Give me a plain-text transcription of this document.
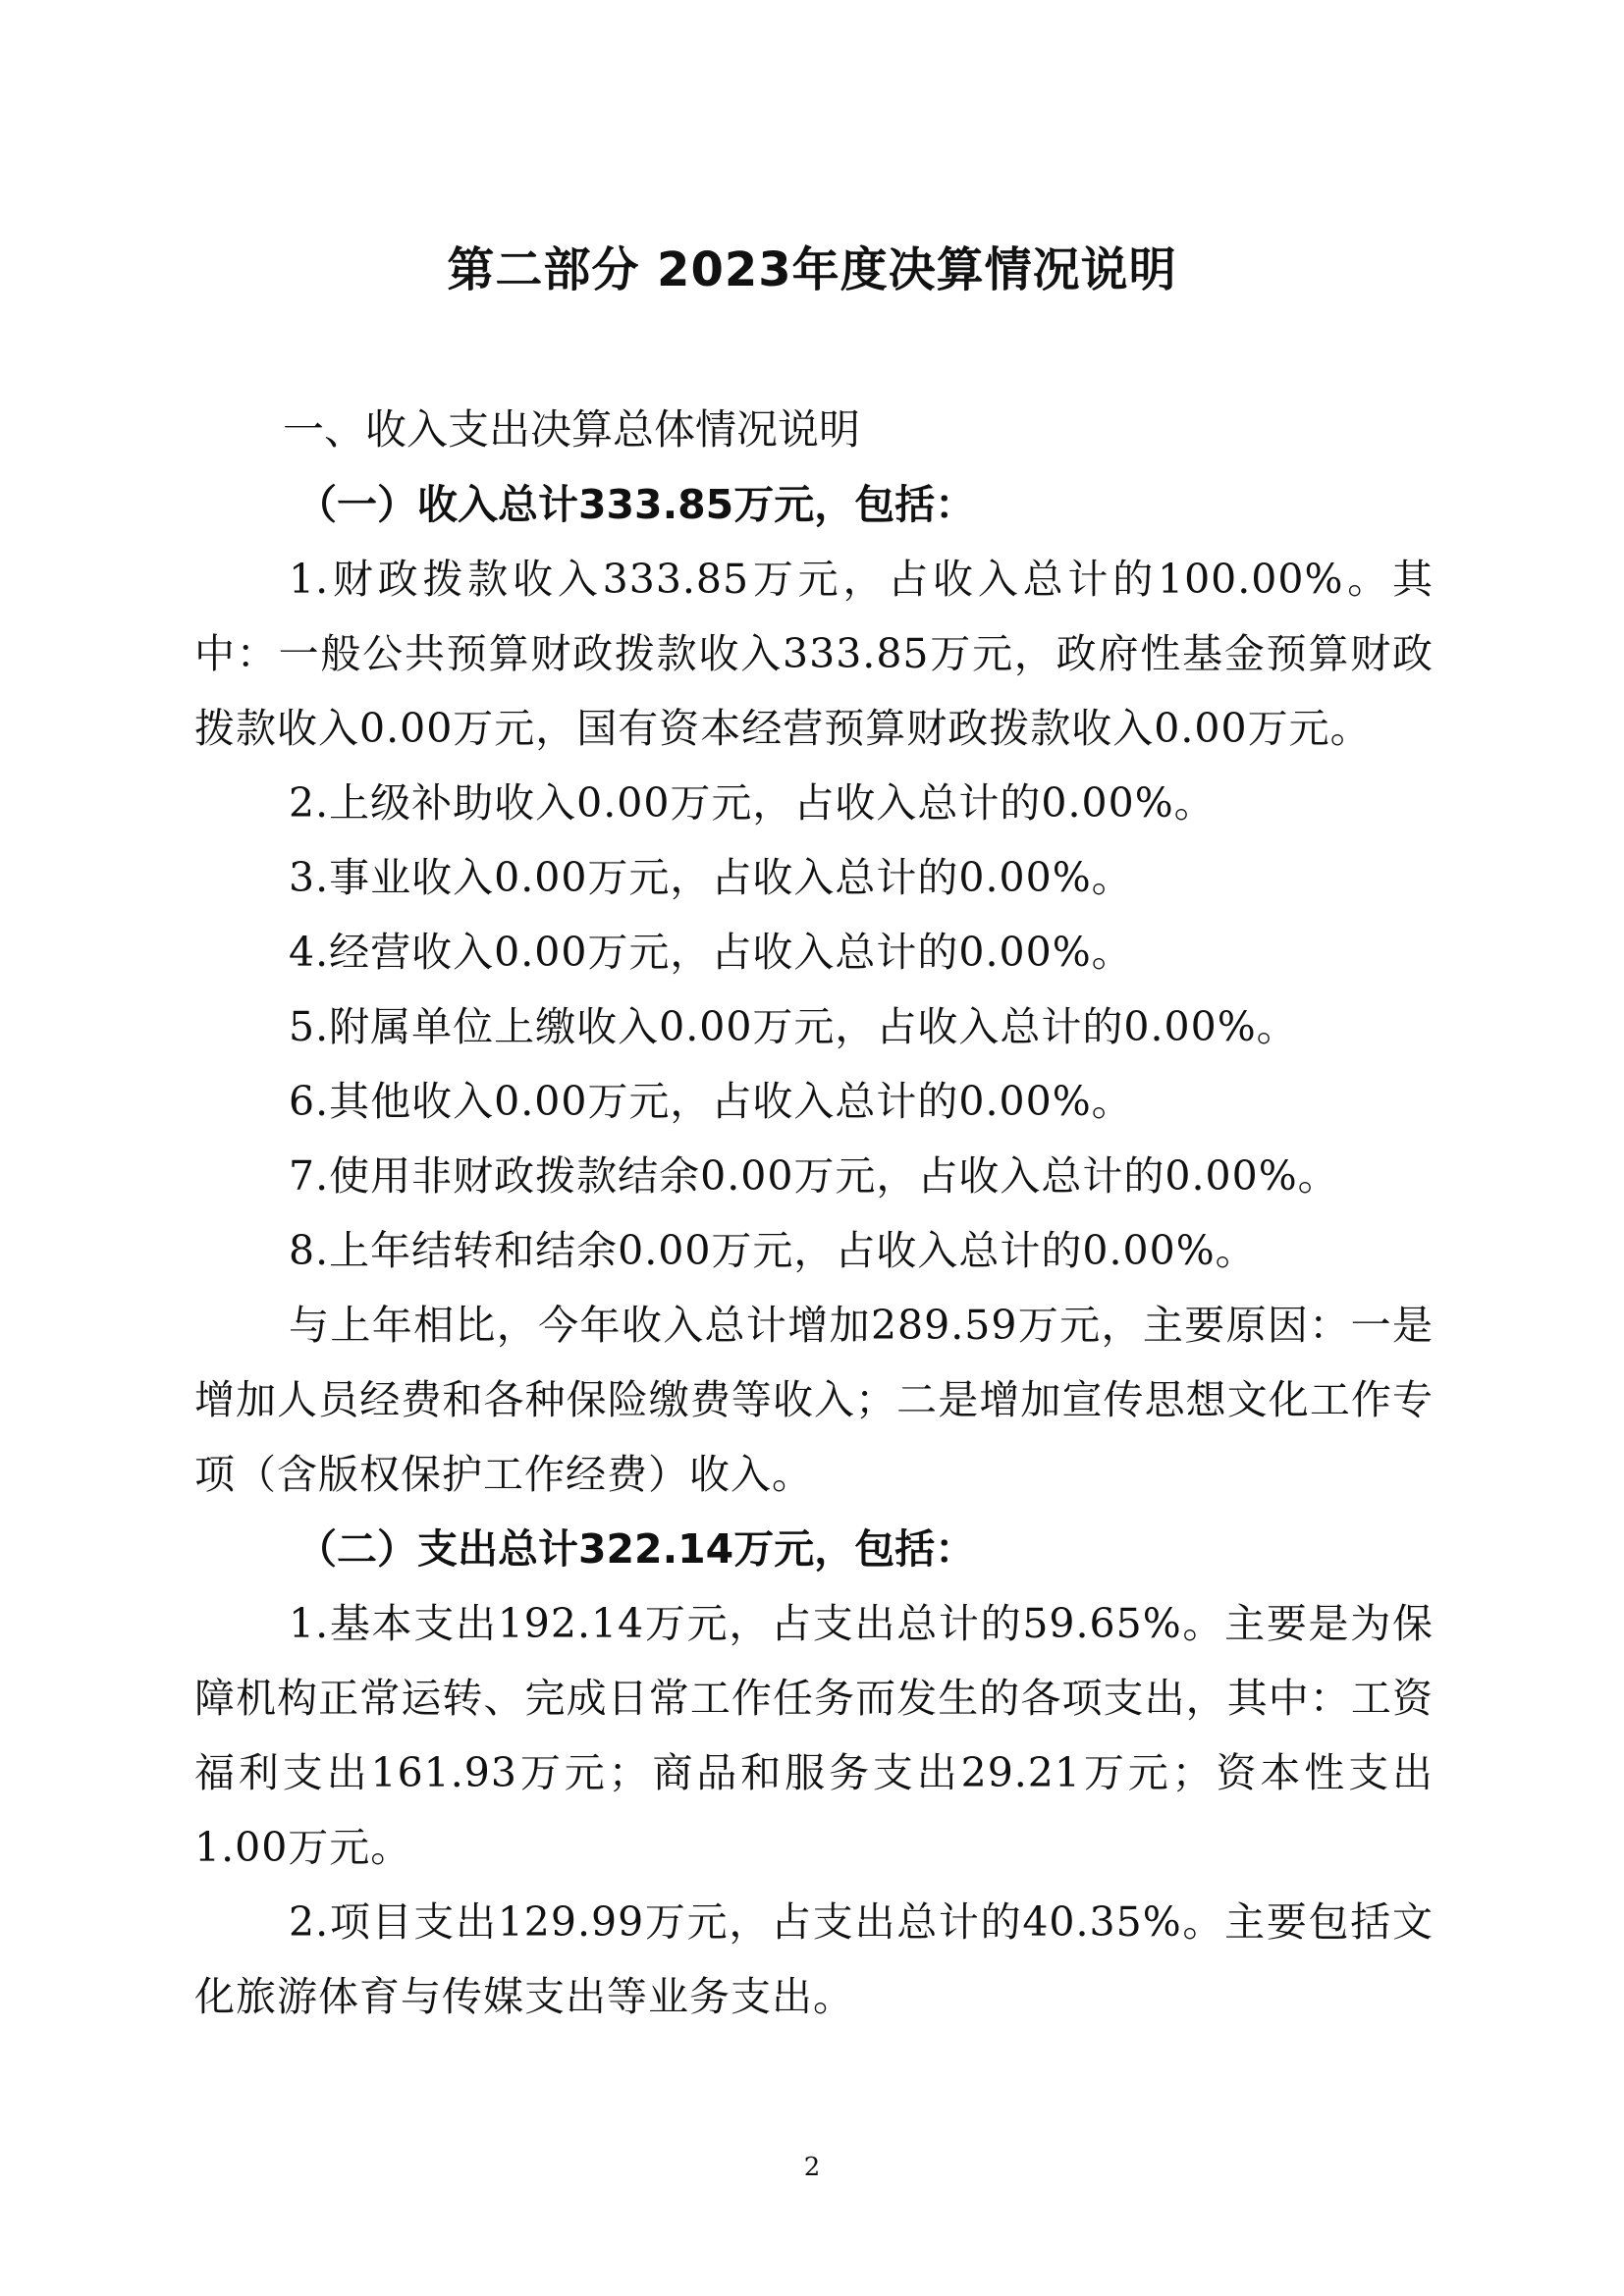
第二部分 2023年度决算情况说明

一、收入支出决算总体情况说明

（一）收入总计333.85万元，包括：

1.财政拨款收入333.85万元，占收入总计的100.00%。其中：一般公共预算财政拨款收入333.85万元，政府性基金预算财政拨款收入0.00万元，国有资本经营预算财政拨款收入0.00万元。

2.上级补助收入0.00万元，占收入总计的0.00%。

3.事业收入0.00万元，占收入总计的0.00%。

4.经营收入0.00万元，占收入总计的0.00%。

5.附属单位上缴收入0.00万元，占收入总计的0.00%。

6.其他收入0.00万元，占收入总计的0.00%。

7.使用非财政拨款结余0.00万元，占收入总计的0.00%。

8.上年结转和结余0.00万元，占收入总计的0.00%。

与上年相比，今年收入总计增加289.59万元，主要原因：一是增加人员经费和各种保险缴费等收入；二是增加宣传思想文化工作专项（含版权保护工作经费）收入。

（二）支出总计322.14万元，包括：

1.基本支出192.14万元，占支出总计的59.65%。主要是为保障机构正常运转、完成日常工作任务而发生的各项支出，其中：工资福利支出161.93万元；商品和服务支出29.21万元；资本性支出1.00万元。

2.项目支出129.99万元，占支出总计的40.35%。主要包括文化旅游体育与传媒支出等业务支出。

2
